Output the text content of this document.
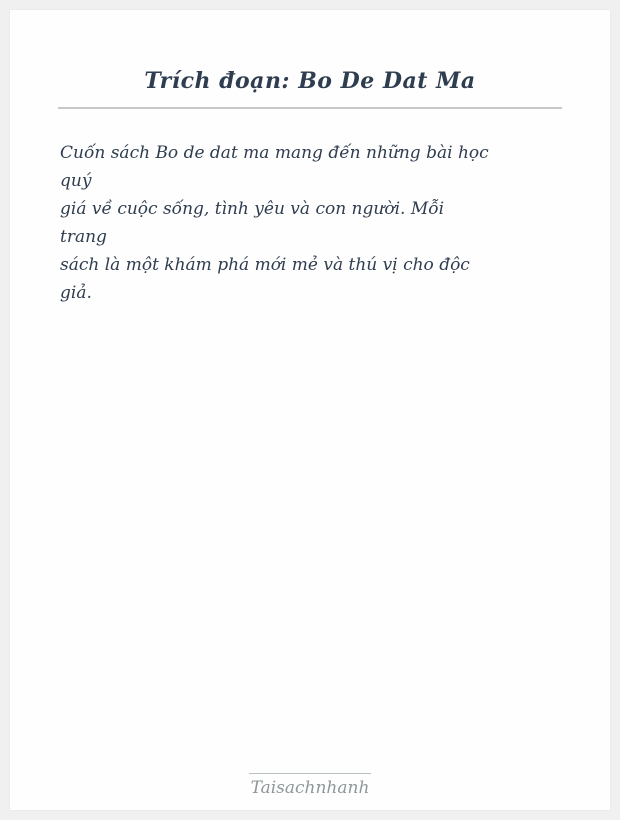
Trích đoạn: Bo De Dat Ma
Cuốn sách Bo de dat ma mang đến những bài học
quý
giá về cuộc sống, tình yêu và con người. Mỗi
trang
sách là một khám phá mới mẻ và thú vị cho độc
giả.
Taisachnhanh
